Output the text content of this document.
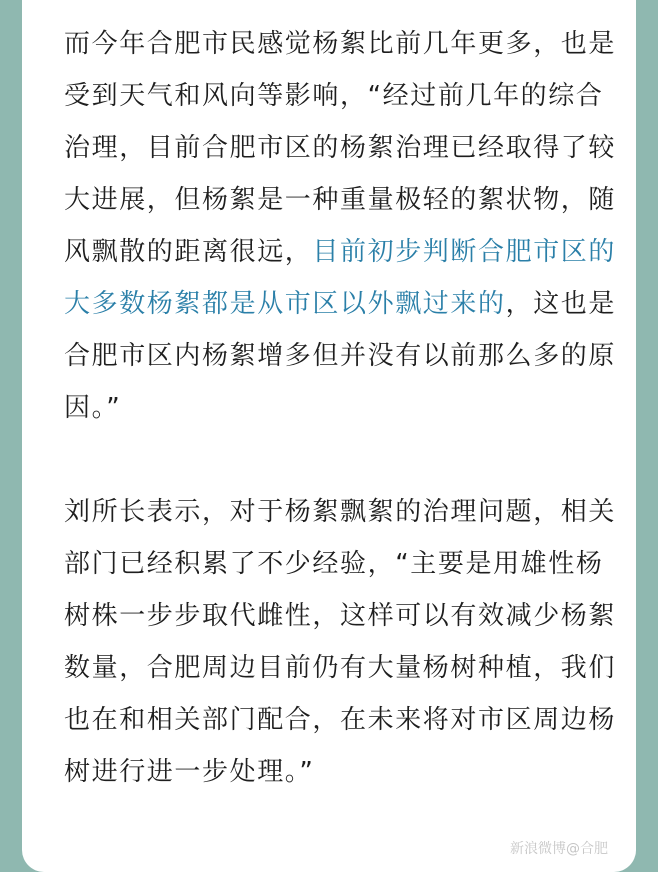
而今年合肥市民感觉杨絮比前几年更多，也是受到天气和风向等影响，“经过前几年的综合治理，目前合肥市区的杨絮治理已经取得了较大进展，但杨絮是一种重量极轻的絮状物，随风飘散的距离很远，目前初步判断合肥市区的大多数杨絮都是从市区以外飘过来的，这也是合肥市区内杨絮增多但并没有以前那么多的原因。”

刘所长表示，对于杨絮飘絮的治理问题，相关部门已经积累了不少经验，“主要是用雄性杨树株一步步取代雌性，这样可以有效减少杨絮数量，合肥周边目前仍有大量杨树种植，我们也在和相关部门配合，在未来将对市区周边杨树进行进一步处理。”

新浪微博@合肥
